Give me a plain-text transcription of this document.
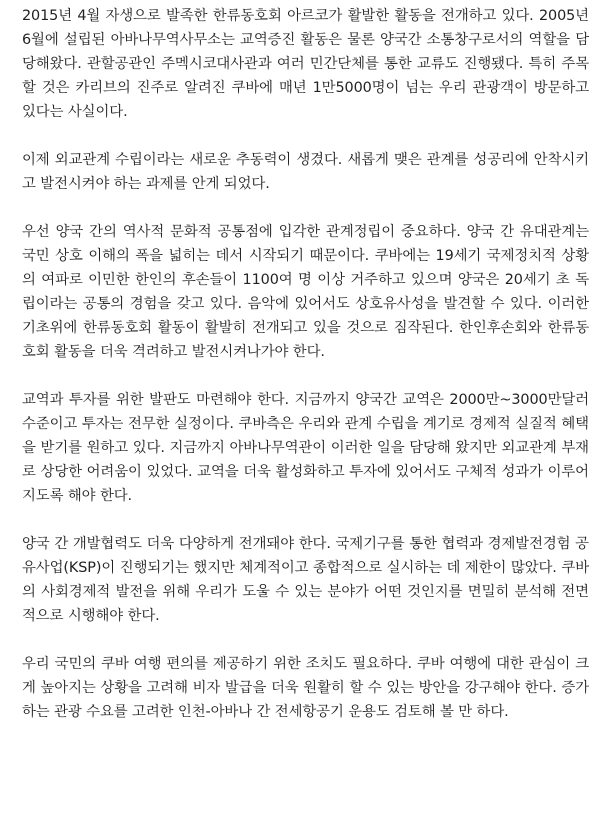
2015년 4월 자생으로 발족한 한류동호회 아르코가 활발한 활동을 전개하고 있다. 2005년 6월에 설립된 아바나무역사무소는 교역증진 활동은 물론 양국간 소통창구로서의 역할을 담당해왔다. 관할공관인 주멕시코대사관과 여러 민간단체를 통한 교류도 진행됐다. 특히 주목할 것은 카리브의 진주로 알려진 쿠바에 매년 1만5000명이 넘는 우리 관광객이 방문하고 있다는 사실이다.

이제 외교관계 수립이라는 새로운 추동력이 생겼다. 새롭게 맺은 관계를 성공리에 안착시키고 발전시켜야 하는 과제를 안게 되었다.

우선 양국 간의 역사적 문화적 공통점에 입각한 관계정립이 중요하다. 양국 간 유대관계는 국민 상호 이해의 폭을 넓히는 데서 시작되기 때문이다. 쿠바에는 19세기 국제정치적 상황의 여파로 이민한 한인의 후손들이 1100여 명 이상 거주하고 있으며 양국은 20세기 초 독립이라는 공통의 경험을 갖고 있다. 음악에 있어서도 상호유사성을 발견할 수 있다. 이러한 기초위에 한류동호회 활동이 활발히 전개되고 있을 것으로 짐작된다. 한인후손회와 한류동호회 활동을 더욱 격려하고 발전시켜나가야 한다.

교역과 투자를 위한 발판도 마련해야 한다. 지금까지 양국간 교역은 2000만~3000만달러 수준이고 투자는 전무한 실정이다. 쿠바측은 우리와 관계 수립을 계기로 경제적 실질적 혜택을 받기를 원하고 있다. 지금까지 아바나무역관이 이러한 일을 담당해 왔지만 외교관계 부재로 상당한 어려움이 있었다. 교역을 더욱 활성화하고 투자에 있어서도 구체적 성과가 이루어지도록 해야 한다.

양국 간 개발협력도 더욱 다양하게 전개돼야 한다. 국제기구를 통한 협력과 경제발전경험 공유사업(KSP)이 진행되기는 했지만 체계적이고 종합적으로 실시하는 데 제한이 많았다. 쿠바의 사회경제적 발전을 위해 우리가 도울 수 있는 분야가 어떤 것인지를 면밀히 분석해 전면적으로 시행해야 한다.

우리 국민의 쿠바 여행 편의를 제공하기 위한 조치도 필요하다. 쿠바 여행에 대한 관심이 크게 높아지는 상황을 고려해 비자 발급을 더욱 원활히 할 수 있는 방안을 강구해야 한다. 증가하는 관광 수요를 고려한 인천-아바나 간 전세항공기 운용도 검토해 볼 만 하다.
